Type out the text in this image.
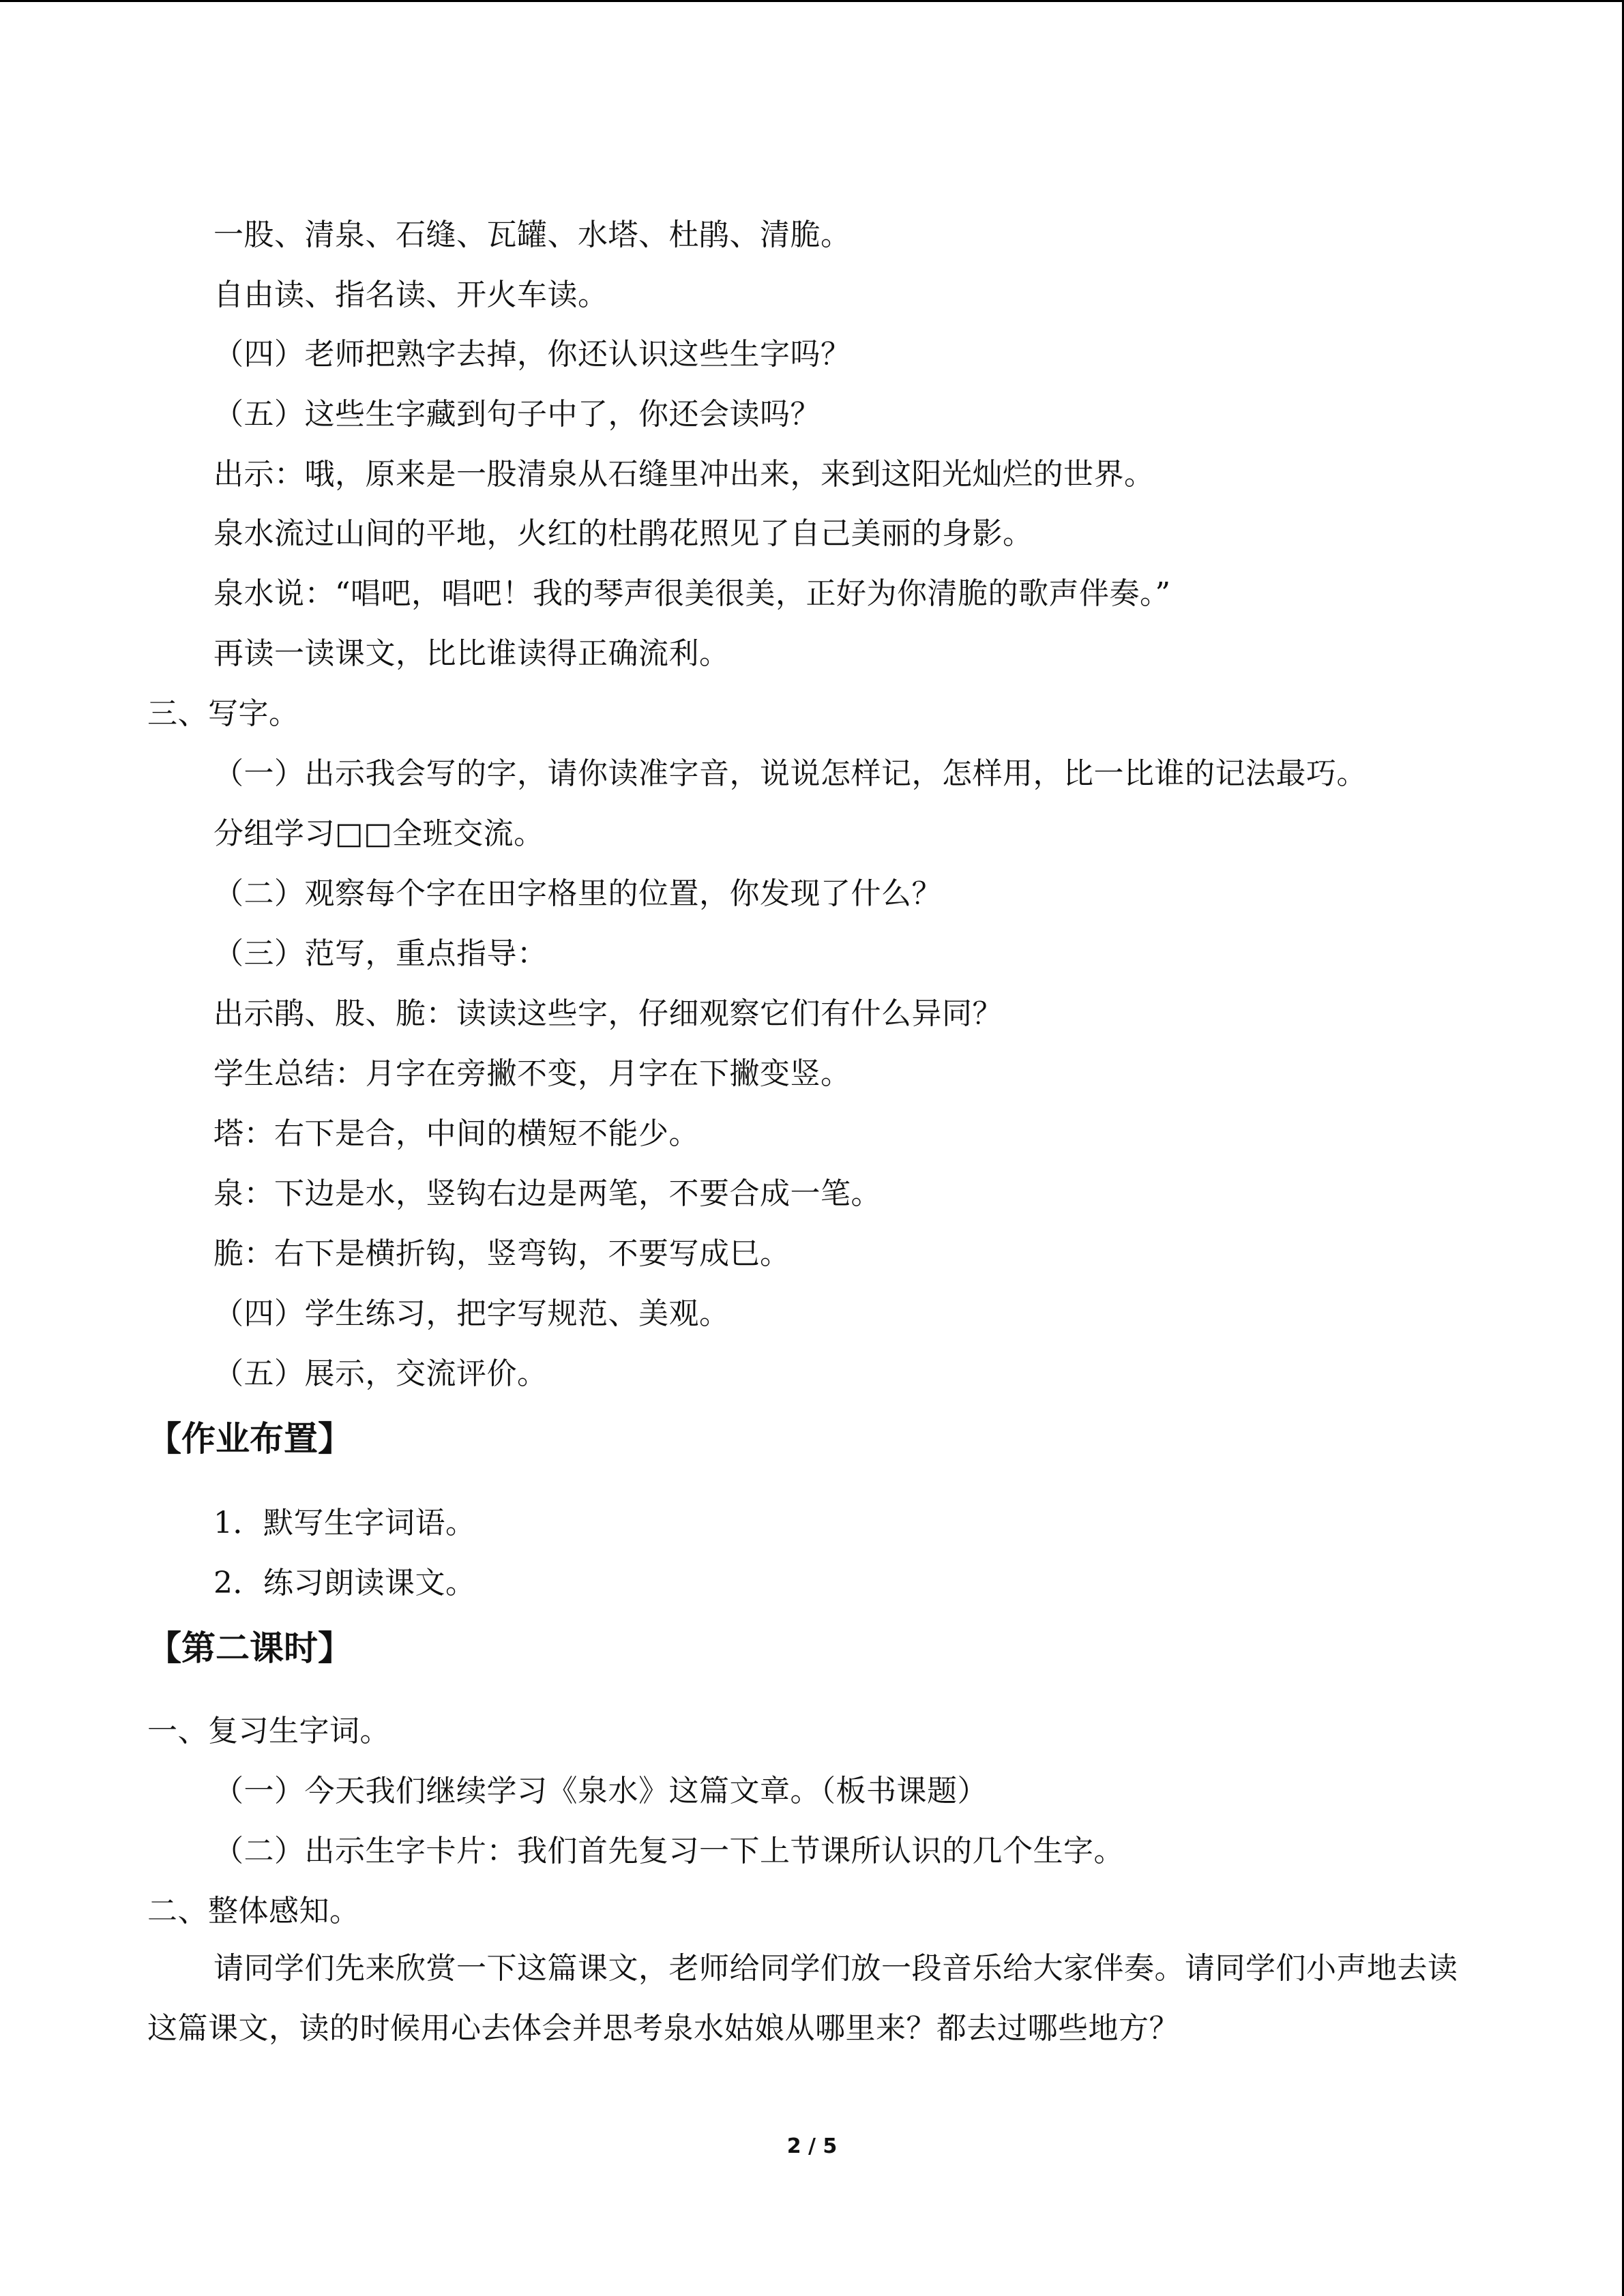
一股、清泉、石缝、瓦罐、水塔、杜鹃、清脆。
自由读、指名读、开火车读。
（四）老师把熟字去掉，你还认识这些生字吗？
（五）这些生字藏到句子中了，你还会读吗？
出示：哦，原来是一股清泉从石缝里冲出来，来到这阳光灿烂的世界。
泉水流过山间的平地，火红的杜鹃花照见了自己美丽的身影。
泉水说：“唱吧，唱吧！我的琴声很美很美，正好为你清脆的歌声伴奏。”
再读一读课文，比比谁读得正确流利。
三、写字。
（一）出示我会写的字，请你读准字音，说说怎样记，怎样用，比一比谁的记法最巧。
分组学习□□全班交流。
（二）观察每个字在田字格里的位置，你发现了什么？
（三）范写，重点指导：
出示鹃、股、脆：读读这些字，仔细观察它们有什么异同？
学生总结：月字在旁撇不变，月字在下撇变竖。
塔：右下是合，中间的横短不能少。
泉：下边是水，竖钩右边是两笔，不要合成一笔。
脆：右下是横折钩，竖弯钩，不要写成巳。
（四）学生练习，把字写规范、美观。
（五）展示，交流评价。
【作业布置】
1．默写生字词语。
2．练习朗读课文。
【第二课时】
一、复习生字词。
（一）今天我们继续学习《泉水》这篇文章。（板书课题）
（二）出示生字卡片：我们首先复习一下上节课所认识的几个生字。
二、整体感知。
请同学们先来欣赏一下这篇课文，老师给同学们放一段音乐给大家伴奏。请同学们小声地去读这篇课文，读的时候用心去体会并思考泉水姑娘从哪里来？都去过哪些地方？
2 / 5
